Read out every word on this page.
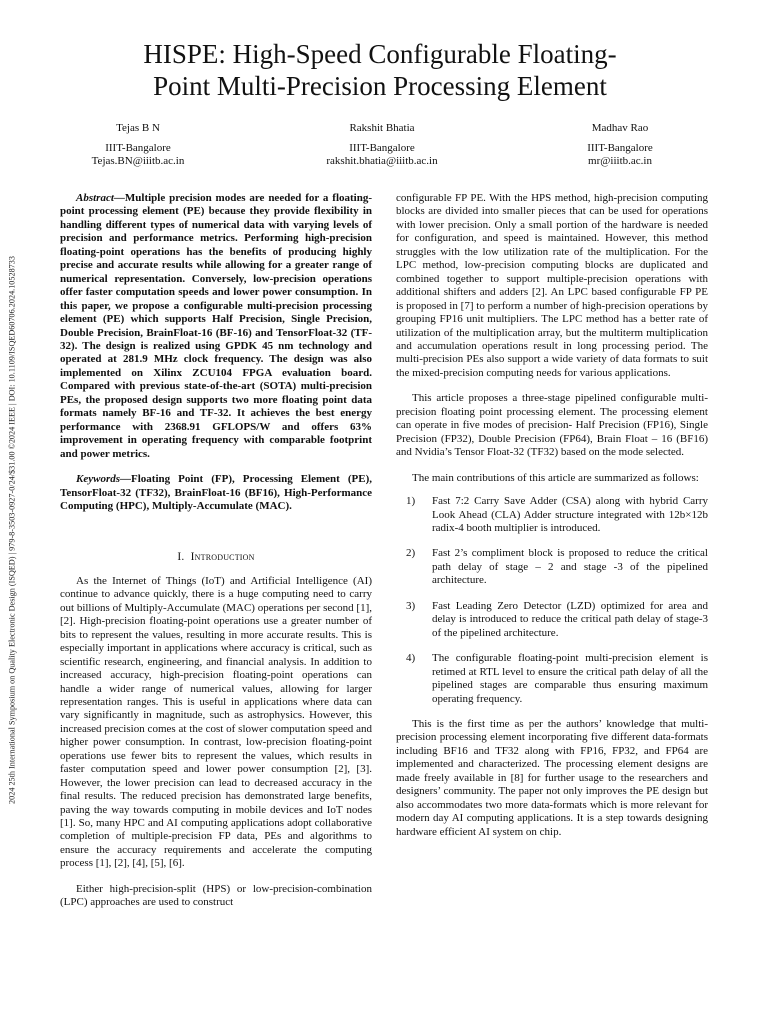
2024 25th International Symposium on Quality Electronic Design (ISQED) | 979-8-3503-0927-0/24/$31.00 ©2024 IEEE | DOI: 10.1109/ISQED60706.2024.10528733
HISPE: High-Speed Configurable Floating-
Point Multi-Precision Processing Element
Tejas B N
IIIT-Bangalore
Tejas.BN@iiitb.ac.in
Rakshit Bhatia
IIIT-Bangalore
rakshit.bhatia@iiitb.ac.in
Madhav Rao
IIIT-Bangalore
mr@iiitb.ac.in

Abstract—Multiple precision modes are needed for a floating-point processing element (PE) because they provide flexibility in handling different types of numerical data with varying levels of precision and performance metrics. Performing high-precision floating-point operations has the benefits of producing highly precise and accurate results while allowing for a greater range of numerical representation. Conversely, low-precision operations offer faster computation speeds and lower power consumption. In this paper, we propose a configurable multi-precision processing element (PE) which supports Half Precision, Single Precision, Double Precision, BrainFloat-16 (BF-16) and TensorFloat-32 (TF-32). The design is realized using GPDK 45 nm technology and operated at 281.9 MHz clock frequency. The design was also implemented on Xilinx ZCU104 FPGA evaluation board. Compared with previous state-of-the-art (SOTA) multi-precision PEs, the proposed design supports two more floating point data formats namely BF-16 and TF-32. It achieves the best energy performance with 2368.91 GFLOPS/W and offers 63% improvement in operating frequency with comparable footprint and power metrics.

Keywords—Floating Point (FP), Processing Element (PE), TensorFloat-32 (TF32), BrainFloat-16 (BF16), High-Performance Computing (HPC), Multiply-Accumulate (MAC).

I. Introduction

As the Internet of Things (IoT) and Artificial Intelligence (AI) continue to advance quickly, there is a huge computing need to carry out billions of Multiply-Accumulate (MAC) operations per second [1], [2]. High-precision floating-point operations use a greater number of bits to represent the values, resulting in more accurate results. This is especially important in applications where accuracy is critical, such as scientific research, engineering, and financial analysis. In addition to increased accuracy, high-precision floating-point operations can handle a wider range of numerical values, allowing for larger representation ranges. This is useful in applications where data can vary significantly in magnitude, such as astrophysics. However, this increased precision comes at the cost of slower computation speed and higher power consumption. In contrast, low-precision floating-point operations use fewer bits to represent the values, which results in faster computation speed and lower power consumption [2], [3]. However, the lower precision can lead to decreased accuracy in the final results. The reduced precision has demonstrated large benefits, paving the way towards computing in mobile devices and IoT nodes [1]. So, many HPC and AI computing applications adopt collaborative completion of multiple-precision FP data, PEs and algorithms to ensure the accuracy requirements and accelerate the computing process [1], [2], [4], [5], [6].

Either high-precision-split (HPS) or low-precision-combination (LPC) approaches are used to construct

configurable FP PE. With the HPS method, high-precision computing blocks are divided into smaller pieces that can be used for operations with lower precision. Only a small portion of the hardware is needed for configuration, and speed is maintained. However, this method struggles with the low utilization rate of the multiplication. For the LPC method, low-precision computing blocks are duplicated and combined together to support multiple-precision operations with additional shifters and adders [2]. An LPC based configurable FP PE is proposed in [7] to perform a number of high-precision operations by grouping FP16 unit multipliers. The LPC method has a better rate of utilization of the multiplication array, but the multiterm multiplication and accumulation operations result in long processing period. The multi-precision PEs also support a wide variety of data formats to suit the mixed-precision computing needs for various applications.

This article proposes a three-stage pipelined configurable multi-precision floating point processing element. The processing element can operate in five modes of precision- Half Precision (FP16), Single Precision (FP32), Double Precision (FP64), Brain Float – 16 (BF16) and Nvidia’s Tensor Float-32 (TF32) based on the mode selected.

The main contributions of this article are summarized as follows:

1) Fast 7:2 Carry Save Adder (CSA) along with hybrid Carry Look Ahead (CLA) Adder structure integrated with 12b×12b radix-4 booth multiplier is introduced.
2) Fast 2’s compliment block is proposed to reduce the critical path delay of stage – 2 and stage -3 of the pipelined architecture.
3) Fast Leading Zero Detector (LZD) optimized for area and delay is introduced to reduce the critical path delay of stage-3 of the pipelined architecture.
4) The configurable floating-point multi-precision element is retimed at RTL level to ensure the critical path delay of all the pipelined stages are comparable thus ensuring maximum operating frequency.

This is the first time as per the authors’ knowledge that multi-precision processing element incorporating five different data-formats including BF16 and TF32 along with FP16, FP32, and FP64 are implemented and characterized. The processing element designs are made freely available in [8] for further usage to the researchers and designers’ community. The paper not only improves the PE design but also accommodates two more data-formats which is more relevant for modern day AI computing applications. It is a step towards designing hardware efficient AI system on chip.
